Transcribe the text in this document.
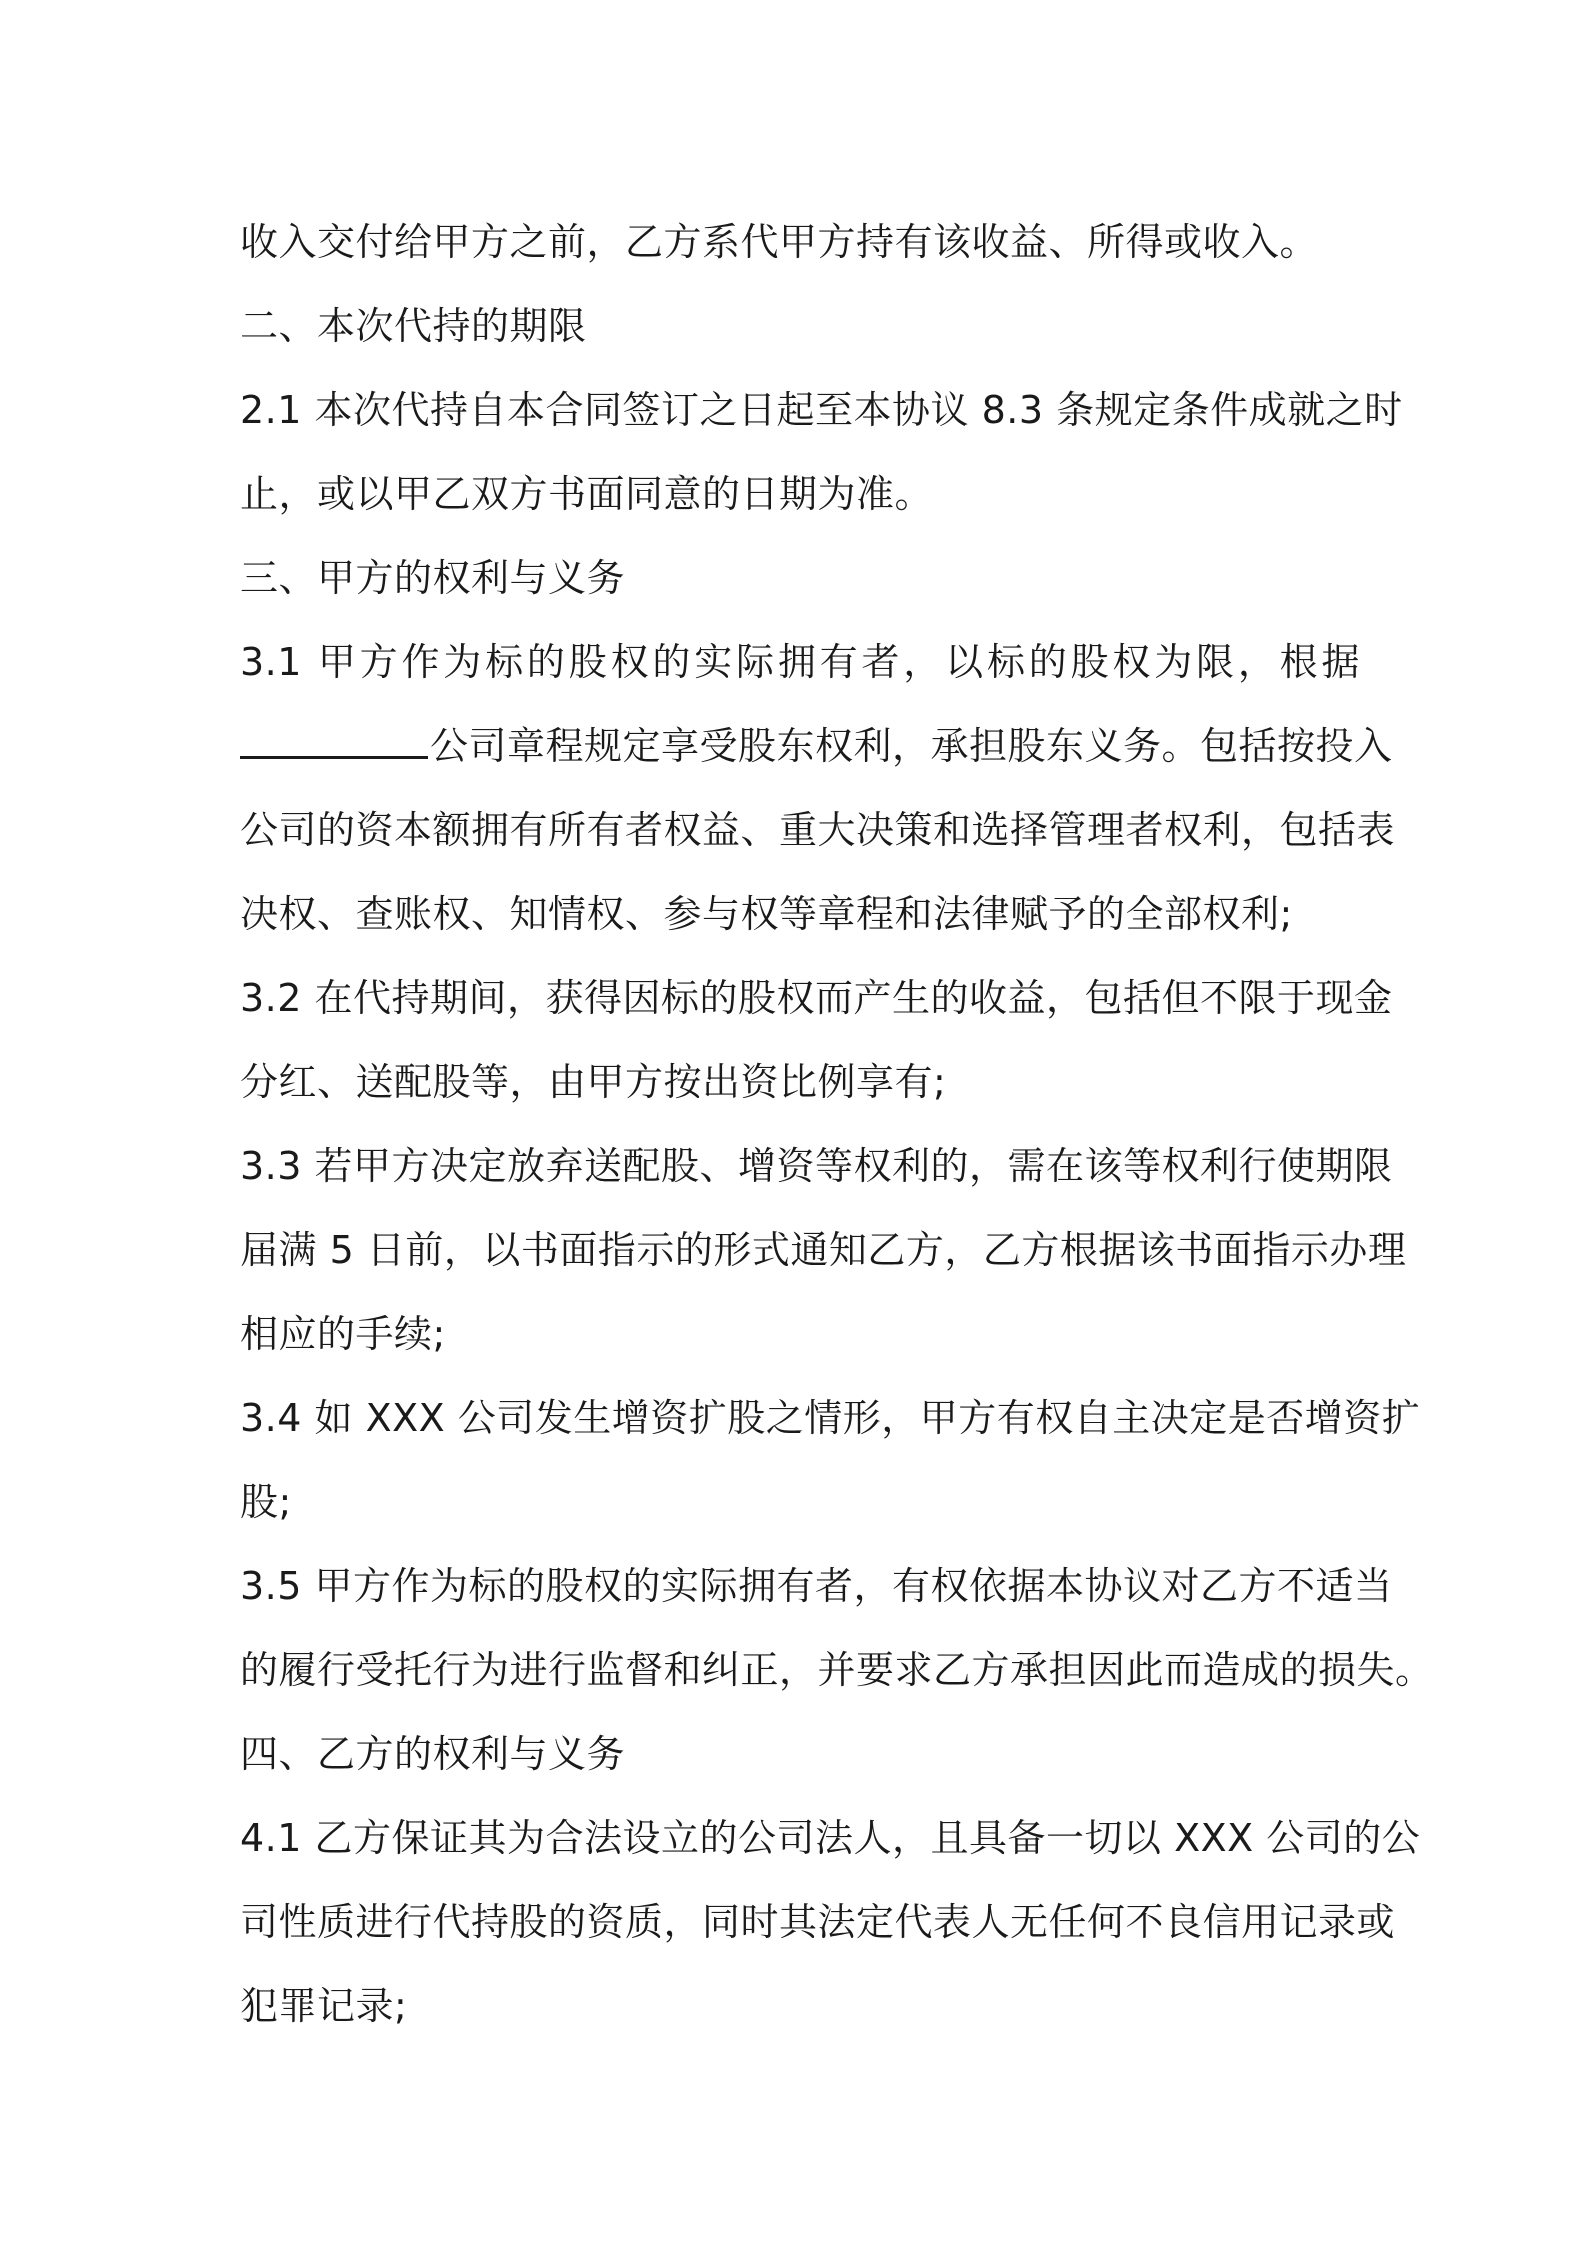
收入交付给甲方之前，乙方系代甲方持有该收益、所得或收入。
二、本次代持的期限
2.1 本次代持自本合同签订之日起至本协议 8.3 条规定条件成就之时
止，或以甲乙双方书面同意的日期为准。
三、甲方的权利与义务
3.1 甲方作为标的股权的实际拥有者，以标的股权为限，根据
公司章程规定享受股东权利，承担股东义务。包括按投入
公司的资本额拥有所有者权益、重大决策和选择管理者权利，包括表
决权、查账权、知情权、参与权等章程和法律赋予的全部权利;
3.2 在代持期间，获得因标的股权而产生的收益，包括但不限于现金
分红、送配股等，由甲方按出资比例享有;
3.3 若甲方决定放弃送配股、增资等权利的，需在该等权利行使期限
届满 5 日前，以书面指示的形式通知乙方，乙方根据该书面指示办理
相应的手续;
3.4 如 XXX 公司发生增资扩股之情形，甲方有权自主决定是否增资扩
股;
3.5 甲方作为标的股权的实际拥有者，有权依据本协议对乙方不适当
的履行受托行为进行监督和纠正，并要求乙方承担因此而造成的损失。
四、乙方的权利与义务
4.1 乙方保证其为合法设立的公司法人，且具备一切以 XXX 公司的公
司性质进行代持股的资质，同时其法定代表人无任何不良信用记录或
犯罪记录;
